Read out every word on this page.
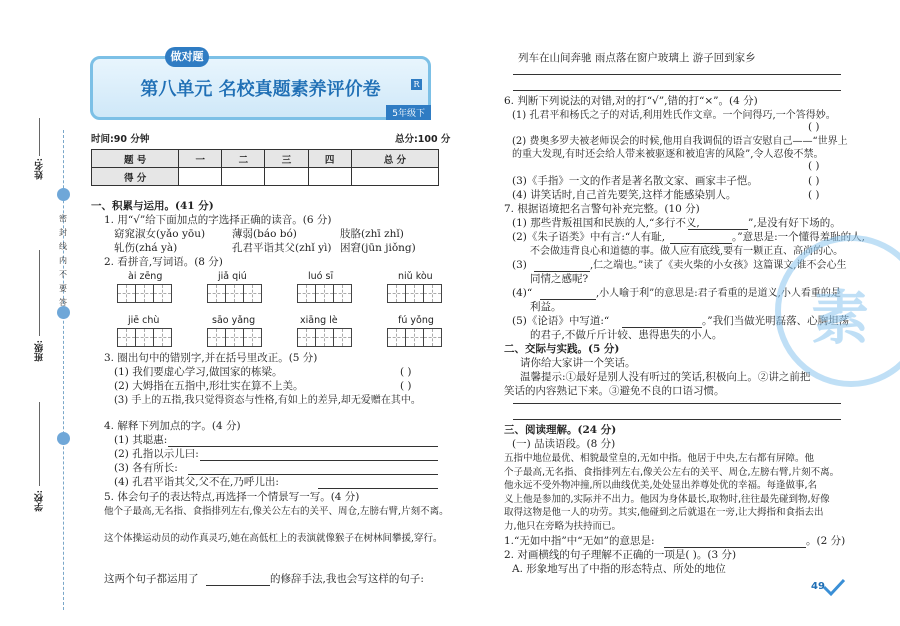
姓名:
班级:
学校:
密
封
线
内
不
要
答
做对题
第八单元 名校真题素养评价卷	R
5年级下
时间:90 分钟	总分:100 分
题 号	一	二	三	四	总 分
得 分					
一、积累与运用。(41 分)
1. 用“√”给下面加点的字选择正确的读音。(6 分)
窈窕淑女(yǎo yōu)	薄弱(báo bó)	肢胳(zhī zhǐ)
轧伤(zhá yà)	孔君平诣其父(zhǐ yì) 困窘(jūn jiǒng)
2. 看拼音,写词语。(8 分)
ài zēng	jiǎ qiú	luó sī	niǔ kòu
jiē chù	sāo yǎng	xiāng lè	fú yǒng
3. 圈出句中的错别字,并在括号里改正。(5 分)
(1) 我们要虚心学习,做国家的栋梁。	( )
(2) 大姆指在五指中,形壮实在算不上美。	( )
(3) 手上的五指,我只觉得资态与性格,有如上的差异,却无爱赠在其中。
4. 解释下列加点的字。(4 分)
(1) 其聪惠:
(2) 孔指以示儿曰:
(3) 各有所长:
(4) 孔君平诣其父,父不在,乃呼儿出:
5. 体会句子的表达特点,再选择一个情景写一写。(4 分)
他个子最高,无名指、食指排列左右,像关公左右的关平、周仓,左膀右臂,片刻不离。
这个体操运动员的动作真灵巧,她在高低杠上的表演就像猴子在树林间攀援,穿行。
这两个句子都运用了	的修辞手法,我也会写这样的句子:
列车在山间奔驰 雨点落在窗户玻璃上 游子回到家乡
6. 判断下列说法的对错,对的打“√”,错的打“×”。(4 分)
(1) 孔君平和杨氏之子的对话,利用姓氏作文章。一个问得巧,一个答得妙。
( )
(2) 费奥多罗夫被老师误会的时候,他用自我调侃的语言安慰自己——“世界上
的重大发现,有时还会给人带来被驱逐和被追害的风险”,令人忍俊不禁。
( )
(3)《手指》一文的作者是著名散文家、画家丰子恺。	( )
(4) 讲笑话时,自己首先要笑,这样才能感染别人。	( )
7. 根据语境把名言警句补充完整。(10 分)
(1) 那些背叛祖国和民族的人,“多行不义,	”,是没有好下场的。
(2)《朱子语类》中有言:“人有耻,	。”意思是:一个懂得羞耻的人,
不会做违背良心和道德的事。做人应有底线,要有一颗正直、高尚的心。
(3)	,仁之端也。”读了《卖火柴的小女孩》这篇课文,谁不会心生
同情之感呢?
(4)“	,小人喻于利”的意思是:君子看重的是道义,小人看重的是
利益。
(5)《论语》中写道:“	。”我们当做光明磊落、心胸坦荡
的君子,不做斤斤计较、患得患失的小人。
二、交际与实践。(5 分)
请你给大家讲一个笑话。
温馨提示:①最好是别人没有听过的笑话,积极向上。②讲之前把
笑话的内容熟记下来。③避免不良的口语习惯。
三、阅读理解。(24 分)
(一) 品读语段。(8 分)
五指中地位最优、相貌最堂皇的,无如中指。他居于中央,左右都有屏障。他
个子最高,无名指、食指排列左右,像关公左右的关平、周仓,左膀右臂,片刻不离。
他永远不受外物冲撞,所以曲线优美,处处显出养尊处优的幸福。每逢做事,名
义上他是参加的,实际并不出力。他因为身体最长,取物时,往往最先碰到物,好像
取得这物是他一人的功劳。其实,他碰到之后就退在一旁,让大拇指和食指去出
力,他只在旁略为扶持而已。
1.“无如中指”中“无如”的意思是:	。(2 分)
2. 对画横线的句子理解不正确的一项是( )。(3 分)
A. 形象地写出了中指的形态特点、所处的地位
素
49
